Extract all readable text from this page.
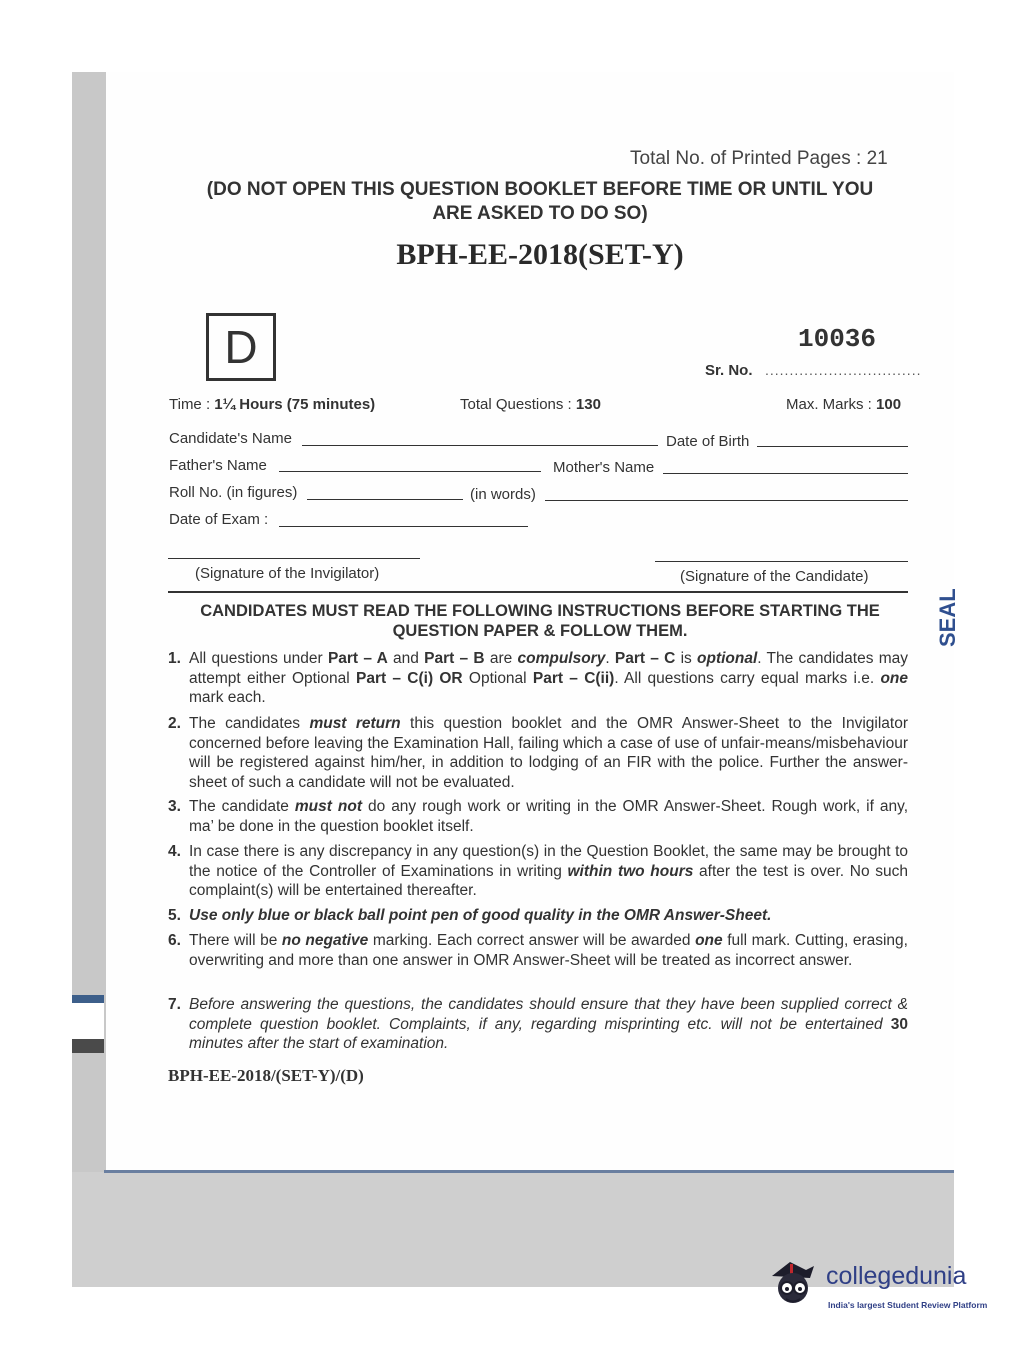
Total No. of Printed Pages : 21
(DO NOT OPEN THIS QUESTION BOOKLET BEFORE TIME OR UNTIL YOU
ARE ASKED TO DO SO)
BPH-EE-2018(SET-Y)
D	10036
Sr. No. ................................
Time : 1¼ Hours (75 minutes)	Total Questions : 130	Max. Marks : 100
Candidate's Name	Date of Birth
Father's Name	Mother's Name
Roll No. (in figures)	(in words)
Date of Exam :
(Signature of the Invigilator)	(Signature of the Candidate)
CANDIDATES MUST READ THE FOLLOWING INSTRUCTIONS BEFORE STARTING THE
QUESTION PAPER & FOLLOW THEM.
1. All questions under Part – A and Part – B are compulsory. Part – C is optional. The candidates may attempt either Optional Part – C(i) OR Optional Part – C(ii). All questions carry equal marks i.e. one mark each.
2. The candidates must return this question booklet and the OMR Answer-Sheet to the Invigilator concerned before leaving the Examination Hall, failing which a case of use of unfair-means/misbehaviour will be registered against him/her, in addition to lodging of an FIR with the police. Further the answer-sheet of such a candidate will not be evaluated.
3. The candidate must not do any rough work or writing in the OMR Answer-Sheet. Rough work, if any, ma’ be done in the question booklet itself.
4. In case there is any discrepancy in any question(s) in the Question Booklet, the same may be brought to the notice of the Controller of Examinations in writing within two hours after the test is over. No such complaint(s) will be entertained thereafter.
5. Use only blue or black ball point pen of good quality in the OMR Answer-Sheet.
6. There will be no negative marking. Each correct answer will be awarded one full mark. Cutting, erasing, overwriting and more than one answer in OMR Answer-Sheet will be treated as incorrect answer.
7. Before answering the questions, the candidates should ensure that they have been supplied correct & complete question booklet. Complaints, if any, regarding misprinting etc. will not be entertained 30 minutes after the start of examination.
BPH-EE-2018/(SET-Y)/(D)
SEAL
collegedunia
India's largest Student Review Platform
